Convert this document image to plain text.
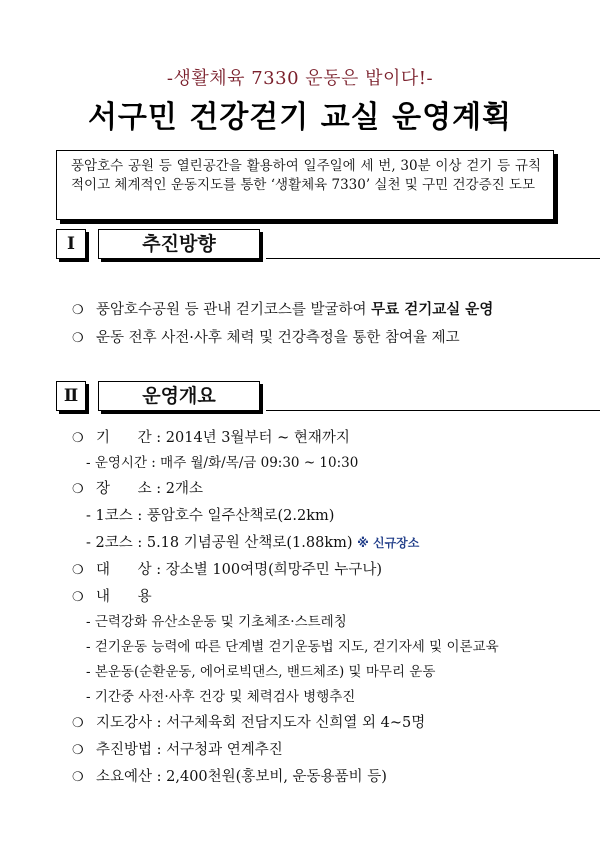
-생활체육 7330 운동은 밥이다!-
서구민 건강걷기 교실 운영계획
풍암호수 공원 등 열린공간을 활용하여 일주일에 세 번, 30분 이상 걷기 등 규칙적이고 체계적인 운동지도를 통한 ‘생활체육 7330’ 실천 및 구민 건강증진 도모
Ⅰ	추진방향
❍ 풍암호수공원 등 관내 걷기코스를 발굴하여 무료 걷기교실 운영
❍ 운동 전후 사전·사후 체력 및 건강측정을 통한 참여율 제고
Ⅱ	운영개요
❍ 기      간 : 2014년 3월부터 ~ 현재까지
- 운영시간 : 매주 월/화/목/금 09:30 ~ 10:30
❍ 장      소 : 2개소
- 1코스 : 풍암호수 일주산책로(2.2km)
- 2코스 : 5.18 기념공원 산책로(1.88km) ※ 신규장소
❍ 대      상 : 장소별 100여명(희망주민 누구나)
❍ 내      용
- 근력강화 유산소운동 및 기초체조·스트레칭
- 걷기운동 능력에 따른 단계별 걷기운동법 지도, 걷기자세 및 이론교육
- 본운동(순환운동, 에어로빅댄스, 밴드체조) 및 마무리 운동
- 기간중 사전·사후 건강 및 체력검사 병행추진
❍ 지도강사 : 서구체육회 전담지도자 신희열 외 4~5명
❍ 추진방법 : 서구청과 연계추진
❍ 소요예산 : 2,400천원(홍보비, 운동용품비 등)
